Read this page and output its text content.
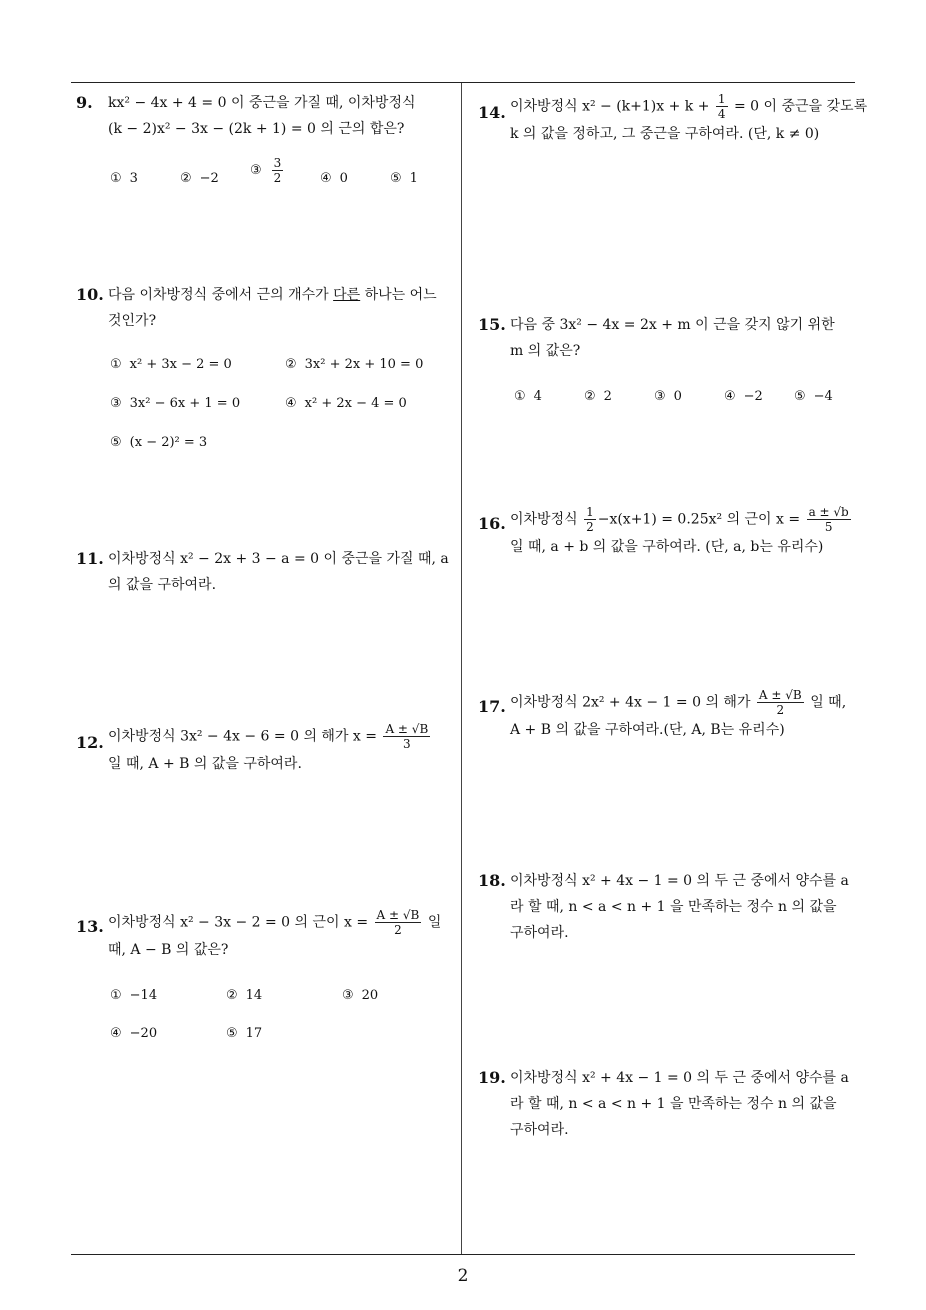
9. kx² − 4x + 4 = 0 이 중근을 가질 때, 이차방정식
(k − 2)x² − 3x − (2k + 1) = 0 의 근의 합은?
① 3	② −2
③ $\frac{3}{2}$	④ 0	⑤ 1
10. 다음 이차방정식 중에서 근의 개수가 다른 하나는 어느
것인가?
① x² + 3x − 2 = 0	② 3x² + 2x + 10 = 0
③ 3x² − 6x + 1 = 0	④ x² + 2x − 4 = 0
⑤ (x − 2)² = 3
11. 이차방정식 x² − 2x + 3 − a = 0 이 중근을 가질 때, a
의 값을 구하여라.
12. 이차방정식 3x² − 4x − 6 = 0 의 해가 $x = \frac{A \pm √B}{3}$
일 때, A + B 의 값을 구하여라.
13. 이차방정식 x² − 3x − 2 = 0 의 근이 $x = \frac{A \pm √B}{2}$ 일
때, A − B 의 값은?
① −14	② 14	③ 20
④ −20	⑤ 17
14. 이차방정식 $x^2 - (k+1)x + k + \frac{1}{4} = 0$ 이 중근을 갖도록
k 의 값을 정하고, 그 중근을 구하여라. (단, k ≠ 0)
15. 다음 중 3x² − 4x = 2x + m 이 근을 갖지 않기 위한
m 의 값은?
① 4	② 2	③ 0	④ −2 ⑤ −4
16. 이차방정식 $\frac{1}{2} -x(x+1) = 0.25x^2$ 의 근이 $x = \frac{a \pm √b}{5}$
일 때, a + b 의 값을 구하여라. (단, a, b는 유리수)
17. 이차방정식 2x² + 4x − 1 = 0 의 해가 $\frac{A \pm √B}{2}$ 일 때,
A + B 의 값을 구하여라.(단, A, B는 유리수)
18. 이차방정식 x² + 4x − 1 = 0 의 두 근 중에서 양수를 a
라 할 때, n < a < n + 1 을 만족하는 정수 n 의 값을
구하여라.
19. 이차방정식 x² + 4x − 1 = 0 의 두 근 중에서 양수를 a
라 할 때, n < a < n + 1 을 만족하는 정수 n 의 값을
구하여라.
2
